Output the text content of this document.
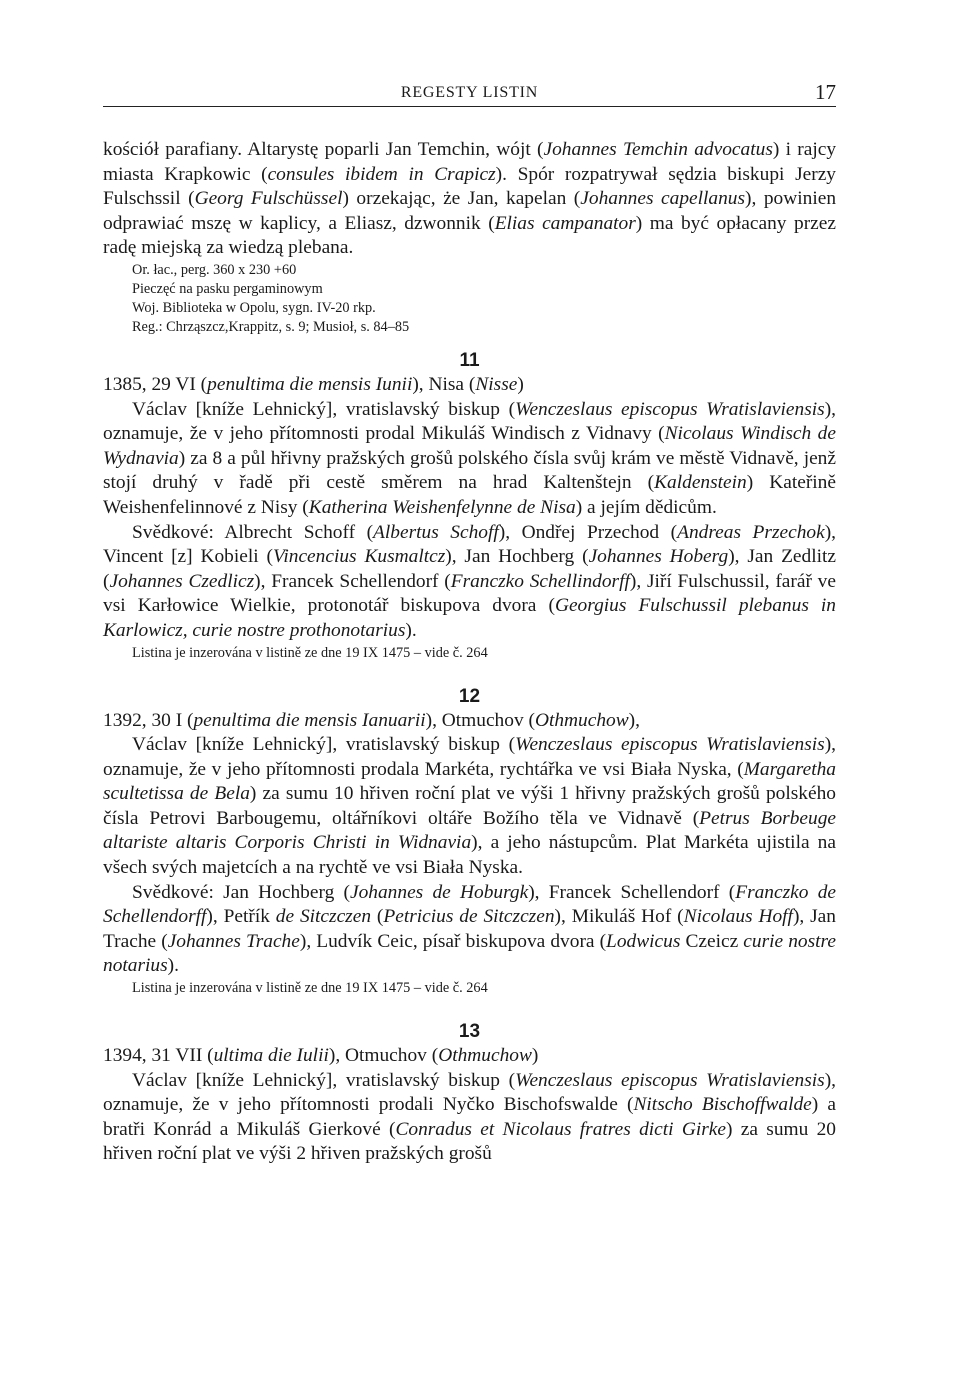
REGESTY LISTIN	17

kościół parafiany. Altarystę poparli Jan Temchin, wójt (Johannes Temchin advocatus) i rajcy miasta Krapkowic (consules ibidem in Crapicz). Spór rozpatrywał sędzia biskupi Jerzy Fulschssil (Georg Fulschüssel) orzekając, że Jan, kapelan (Johannes capellanus), powinien odprawiać mszę w kaplicy, a Eliasz, dzwonnik (Elias campanator) ma być opłacany przez radę miejską za wiedzą plebana.

Or. łac., perg. 360 x 230 +60

Pieczęć na pasku pergaminowym

Woj. Biblioteka w Opolu, sygn. IV-20 rkp.

Reg.: Chrząszcz,Krappitz, s. 9; Musioł, s. 84–85

11

1385, 29 VI (penultima die mensis Iunii), Nisa (Nisse)

Václav [kníže Lehnický], vratislavský biskup (Wenczeslaus episcopus Wratislaviensis), oznamuje, že v jeho přítomnosti prodal Mikuláš Windisch z Vidnavy (Nicolaus Windisch de Wydnavia) za 8 a půl hřivny pražských grošů polského čísla svůj krám ve městě Vidnavě, jenž stojí druhý v řadě při cestě směrem na hrad Kaltenštejn (Kaldenstein) Kateřině Weishenfelinnové z Nisy (Katherina Weishenfelynne de Nisa) a jejím dědicům.

Svědkové: Albrecht Schoff (Albertus Schoff), Ondřej Przechod (Andreas Przechok), Vincent [z] Kobieli (Vincencius Kusmaltcz), Jan Hochberg (Johannes Hoberg), Jan Zedlitz (Johannes Czedlicz), Francek Schellendorf (Franczko Schellindorff), Jiří Fulschussil, farář ve vsi Karłowice Wielkie, protonotář biskupova dvora (Georgius Fulschussil plebanus in Karlowicz, curie nostre prothonotarius).

Listina je inzerována v listině ze dne 19 IX 1475 – vide č. 264

12

1392, 30 I (penultima die mensis Ianuarii), Otmuchov (Othmuchow),

Václav [kníže Lehnický], vratislavský biskup (Wenczeslaus episcopus Wratislaviensis), oznamuje, že v jeho přítomnosti prodala Markéta, rychtářka ve vsi Biała Nyska, (Margaretha scultetissa de Bela) za sumu 10 hřiven roční plat ve výši 1 hřivny pražských grošů polského čísla Petrovi Barbougemu, oltářníkovi oltáře Božího těla ve Vidnavě (Petrus Borbeuge altariste altaris Corporis Christi in Widnavia), a jeho nástupcům. Plat Markéta ujistila na všech svých majetcích a na rychtě ve vsi Biała Nyska.

Svědkové: Jan Hochberg (Johannes de Hoburgk), Francek Schellendorf (Franczko de Schellendorff), Petřík de Sitczczen (Petricius de Sitczczen), Mikuláš Hof (Nicolaus Hoff), Jan Trache (Johannes Trache), Ludvík Ceic, písař biskupova dvora (Lodwicus Czeicz curie nostre notarius).

Listina je inzerována v listině ze dne 19 IX 1475 – vide č. 264

13

1394, 31 VII (ultima die Iulii), Otmuchov (Othmuchow)

Václav [kníže Lehnický], vratislavský biskup (Wenczeslaus episcopus Wratislaviensis), oznamuje, že v jeho přítomnosti prodali Nyčko Bischofswalde (Nitscho Bischoffwalde) a bratři Konrád a Mikuláš Gierkové (Conradus et Nicolaus fratres dicti Girke) za sumu 20 hřiven roční plat ve výši 2 hřiven pražských grošů
